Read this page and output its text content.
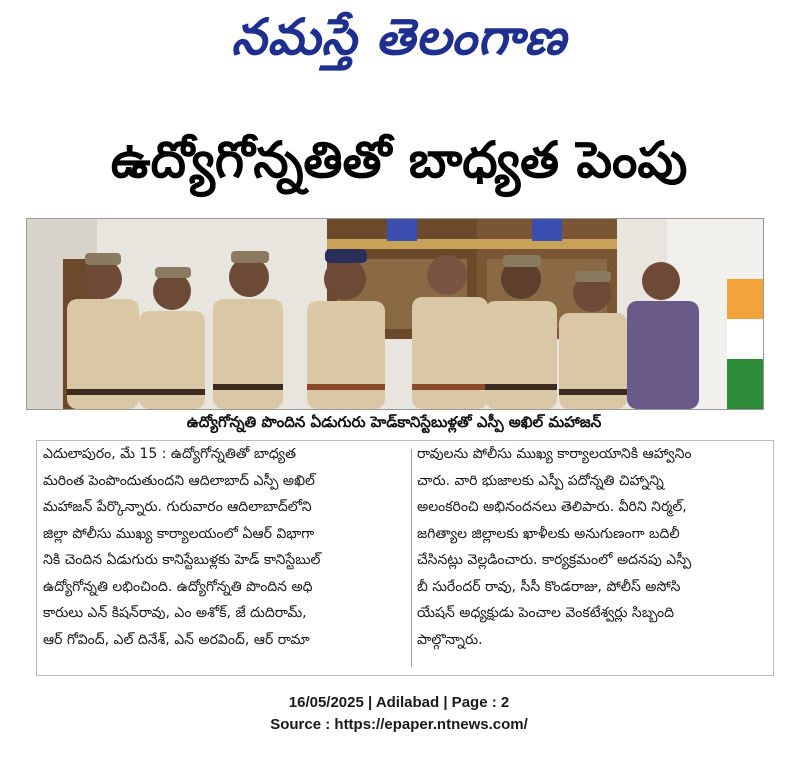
నమస్తే తెలంగాణ
ఉద్యోగోన్నతితో బాధ్యత పెంపు
ఉద్యోగోన్నతి పొందిన ఏడుగురు హెడ్‌కానిస్టేబుళ్లతో ఎస్పీ అఖిల్ మహాజన్
ఎదులాపురం, మే 15 : ఉద్యోగోన్నతితో బాధ్యత
మరింత పెంపొందుతుందని ఆదిలాబాద్ ఎస్పీ అఖిల్
మహాజన్ పేర్కొన్నారు. గురువారం ఆదిలాబాద్‌లోని
జిల్లా పోలీసు ముఖ్య కార్యాలయంలో ఏఆర్ విభాగా
నికి చెందిన ఏడుగురు కానిస్టేబుళ్లకు హెడ్ కానిస్టేబుల్
ఉద్యోగోన్నతి లభించింది. ఉద్యోగోన్నతి పొందిన అధి
కారులు ఎన్ కిషన్‌రావు, ఎం అశోక్, జే దుదిరామ్,
ఆర్ గోవింద్, ఎల్ దినేశ్, ఎన్ అరవింద్, ఆర్ రామా
రావులను పోలీసు ముఖ్య కార్యాలయానికి ఆహ్వానిం
చారు. వారి భుజాలకు ఎస్పీ పదోన్నతి చిహ్నాన్ని
అలంకరించి అభినందనలు తెలిపారు. వీరిని నిర్మల్,
జగిత్యాల జిల్లాలకు ఖాళీలకు అనుగుణంగా బదిలీ
చేసినట్లు వెల్లడించారు. కార్యక్రమంలో అదనపు ఎస్పీ
బీ సురేందర్ రావు, సీసీ కొండరాజు, పోలీస్ అసోసి
యేషన్ అధ్యక్షుడు పెంచాల వెంకటేశ్వర్లు సిబ్బంది
పాల్గొన్నారు.
16/05/2025 | Adilabad | Page : 2
Source : https://epaper.ntnews.com/
